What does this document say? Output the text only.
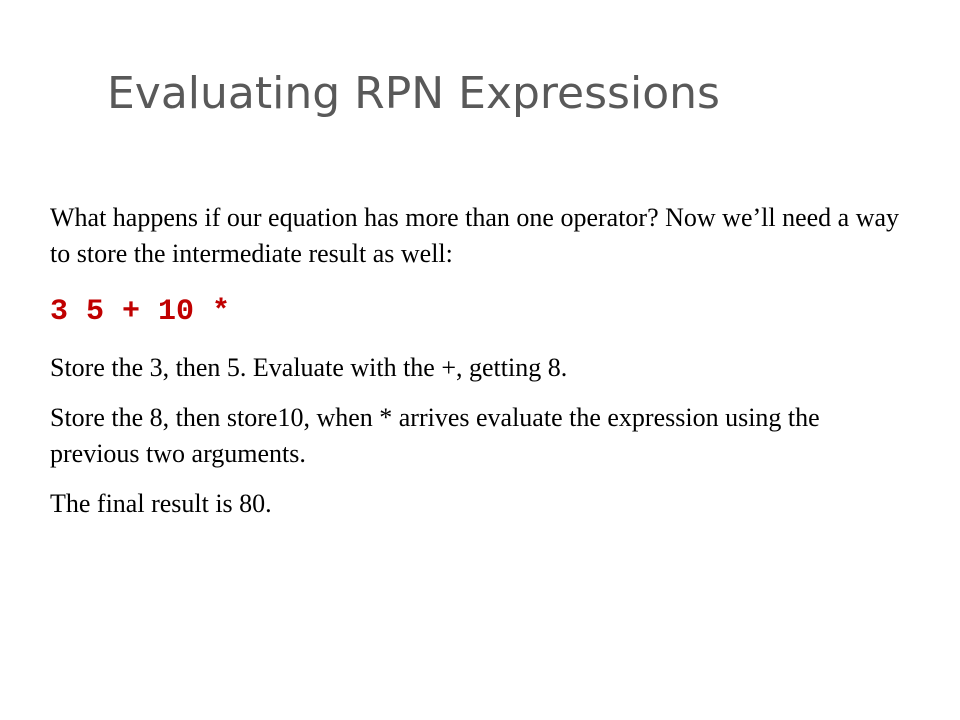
Evaluating RPN Expressions

What happens if our equation has more than one operator? Now we’ll need a way to store the intermediate result as well:

3 5 + 10 *

Store the 3, then 5. Evaluate with the +, getting 8.

Store the 8, then store10, when * arrives evaluate the expression using the previous two arguments.

The final result is 80.
